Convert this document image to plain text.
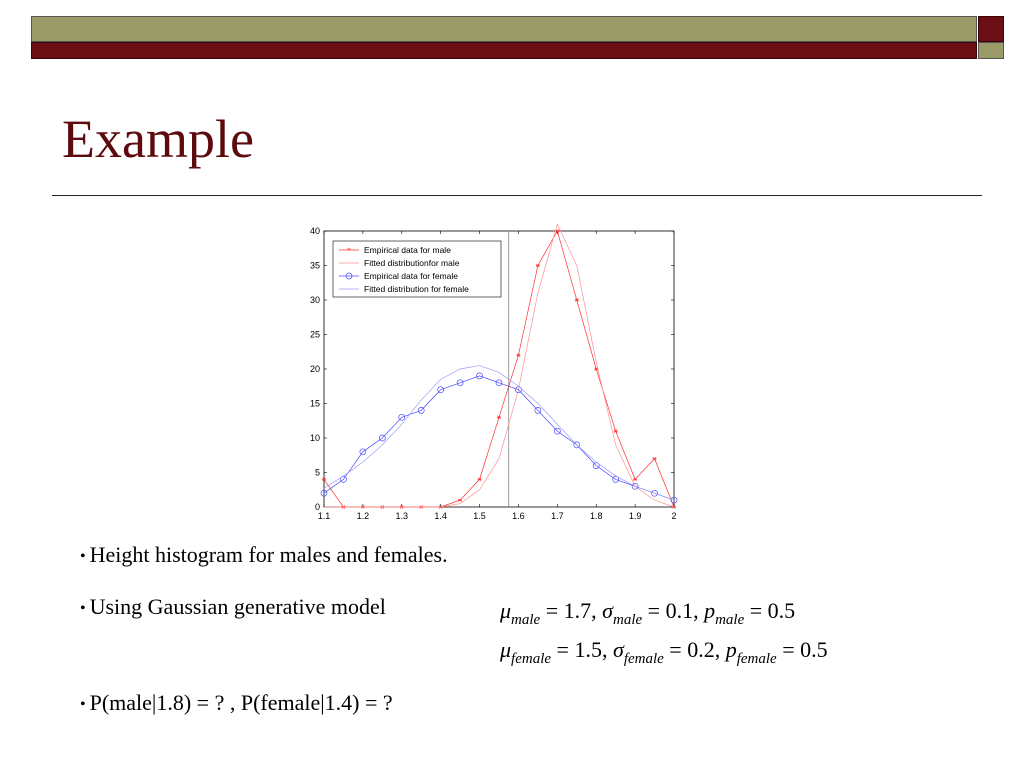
Example
1.1	1.2	1.3	1.4	1.5	1.6	1.7	1.8	1.9	2
0
5
10
15
20
25
30
35
40
* Empirical data for male
Fitted distributionfor male
Empirical data for female
Fitted distribution for female
• Height histogram for males and females.
• Using Gaussian generative model
• P(male|1.8) = ? , P(female|1.4) = ?
$\mu_{male} = 1.7$, $\sigma_{male} = 0.1$, $p_{male} = 0.5$
$\mu_{female} = 1.5$, $\sigma_{female} = 0.2$, $p_{female} = 0.5$
